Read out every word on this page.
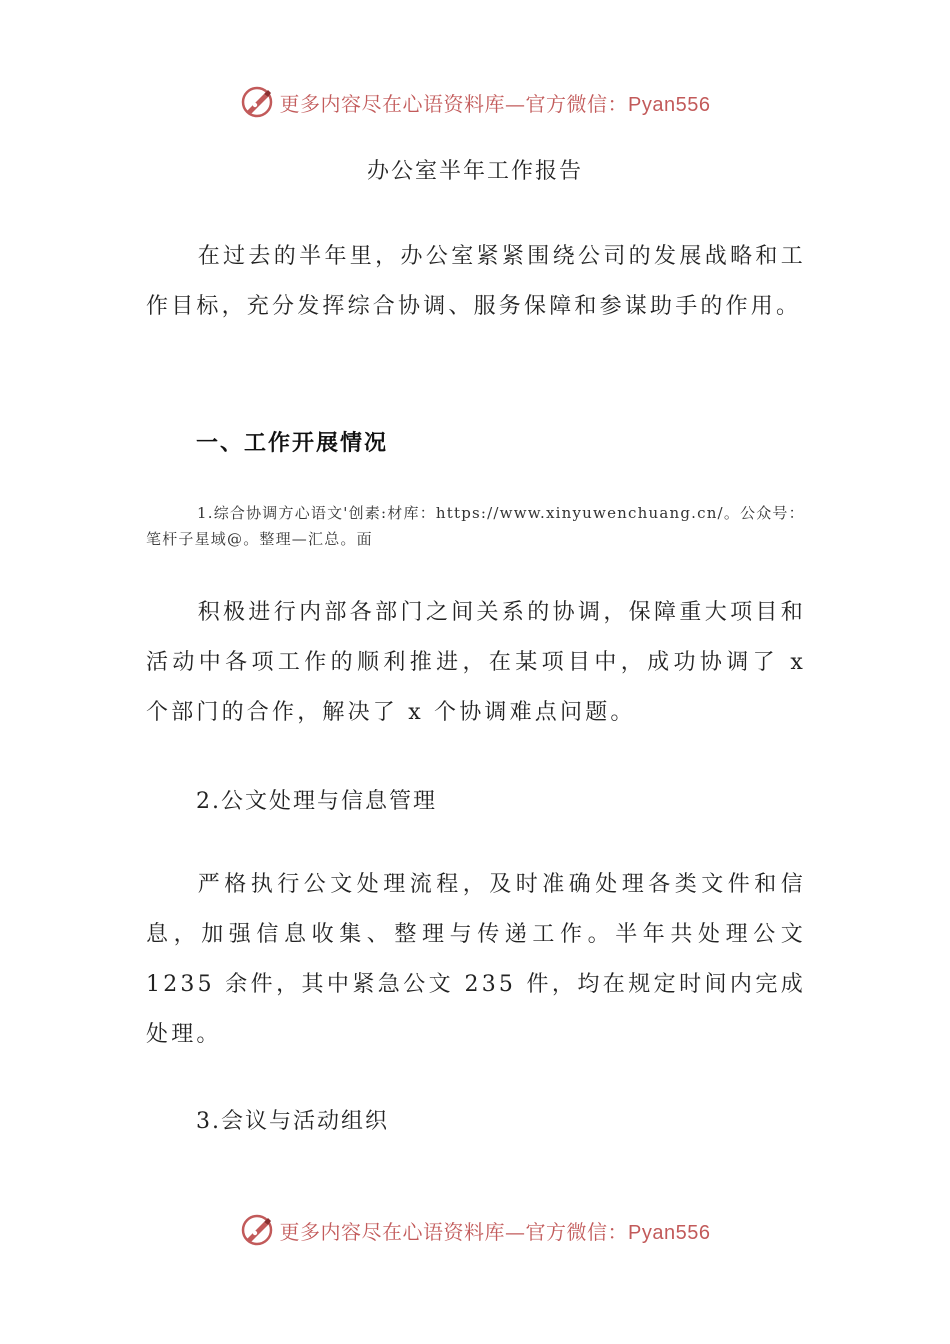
更多内容尽在心语资料库—官方微信：Pyan556
办公室半年工作报告

在过去的半年里，办公室紧紧围绕公司的发展战略和工作目标，充分发挥综合协调、服务保障和参谋助手的作用。

一、工作开展情况

1.综合协调方心语文'创素:材库：https://www.xinyuwenchuang.cn/。公众号：笔杆子星域@。整理—汇总。面

积极进行内部各部门之间关系的协调，保障重大项目和活动中各项工作的顺利推进，在某项目中，成功协调了 x 个部门的合作，解决了 x 个协调难点问题。

2.公文处理与信息管理

严格执行公文处理流程，及时准确处理各类文件和信息，加强信息收集、整理与传递工作。半年共处理公文1235 余件，其中紧急公文 235 件，均在规定时间内完成处理。

3.会议与活动组织
更多内容尽在心语资料库—官方微信：Pyan556
